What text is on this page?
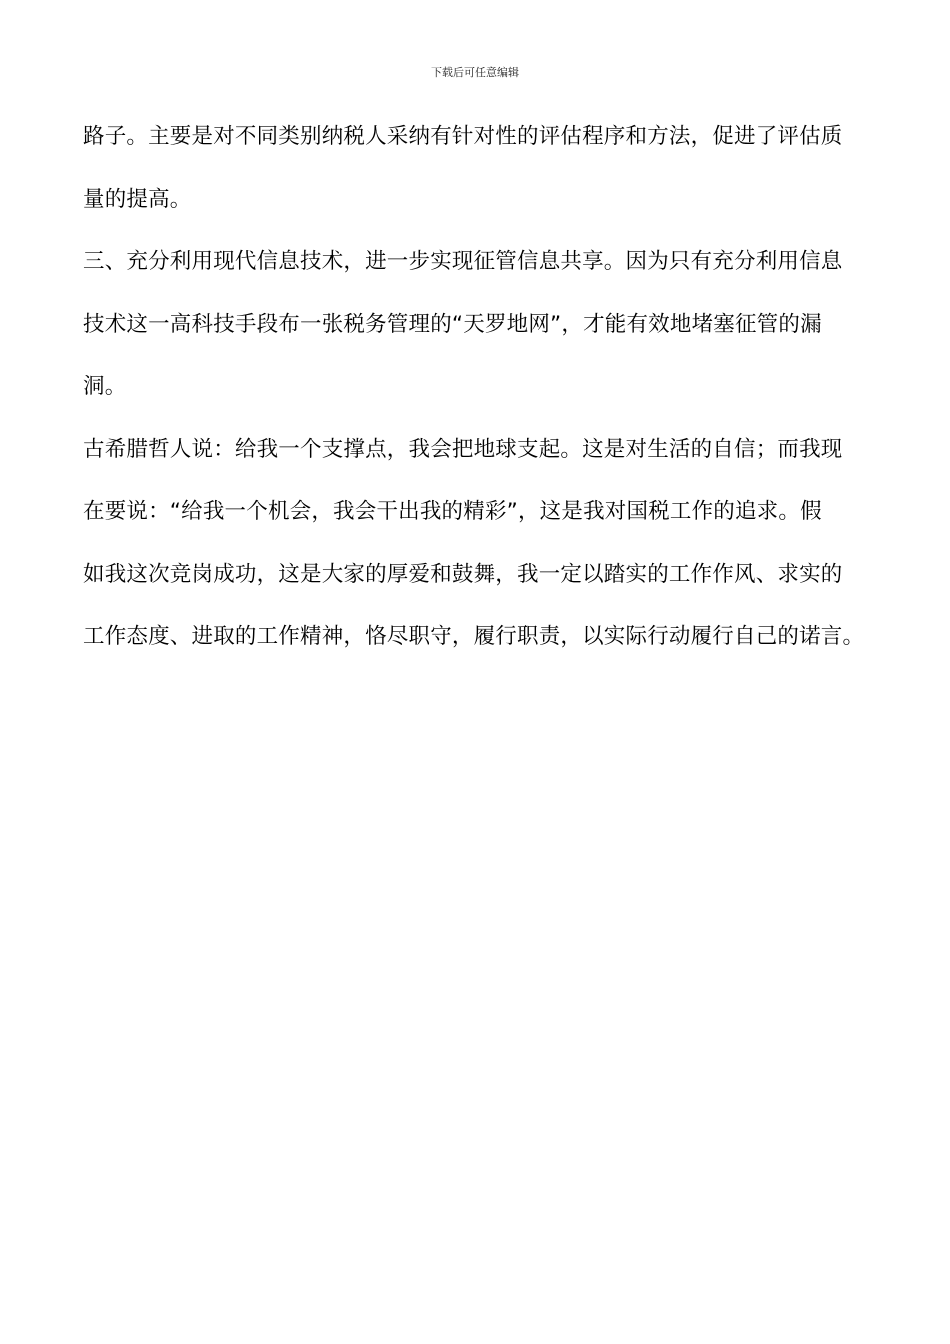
下载后可任意编辑

路子。主要是对不同类别纳税人采纳有针对性的评估程序和方法，促进了评估质
量的提高。

三、充分利用现代信息技术，进一步实现征管信息共享。因为只有充分利用信息
技术这一高科技手段布一张税务管理的“天罗地网”，才能有效地堵塞征管的漏
洞。

古希腊哲人说：给我一个支撑点，我会把地球支起。这是对生活的自信；而我现
在要说：“给我一个机会，我会干出我的精彩”，这是我对国税工作的追求。假
如我这次竞岗成功，这是大家的厚爱和鼓舞，我一定以踏实的工作作风、求实的
工作态度、进取的工作精神，恪尽职守，履行职责，以实际行动履行自己的诺言。
